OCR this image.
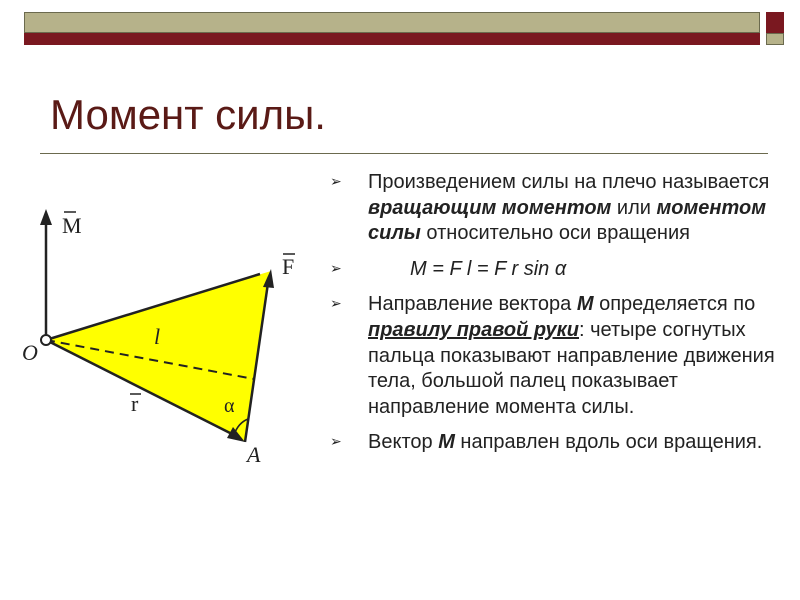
Момент силы.
M
F
l
r	α
O
A
➢ Произведением силы на плечо называется вращающим моментом или моментом силы относительно оси вращения
➢	M = F l = F r sin α
➢ Направление вектора М определяется по правилу правой руки: четыре согнутых пальца показывают направление движения тела, большой палец показывает направление момента силы.
➢ Вектор М направлен вдоль оси вращения.
